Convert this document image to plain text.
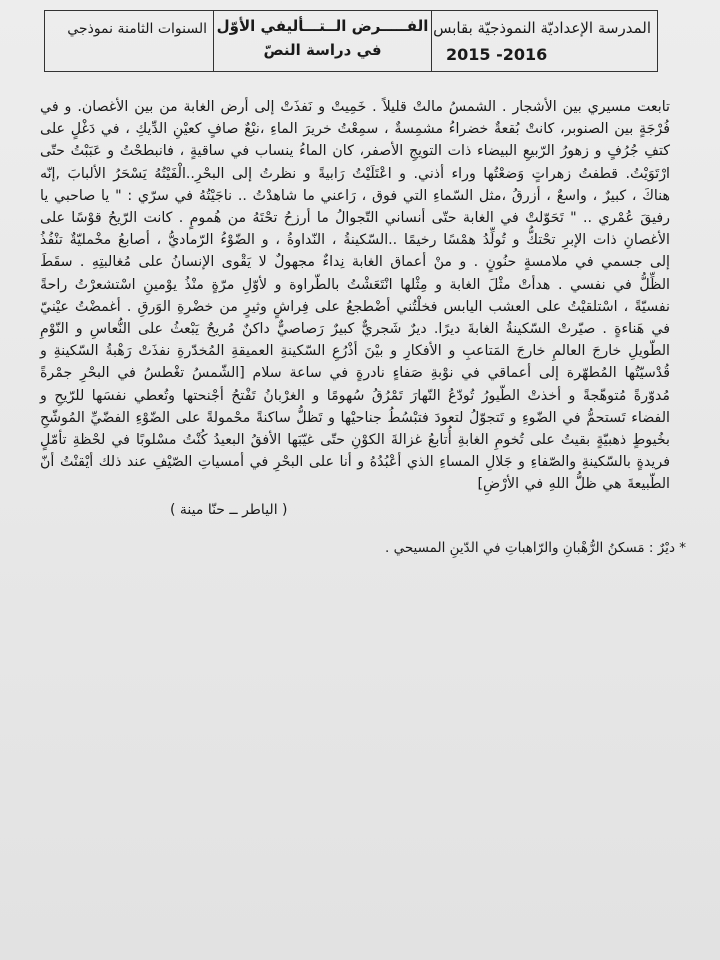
المدرسة الإعداديّة النموذجيّة بقابس
2015 -2016
الفـــــرض الــتـــأليفي الأوّل
في دراسة النصّ
السنوات الثامنة نموذجي
تابعت مسيري بين الأشجار . الشمسُ مالتْ قليلاً . خَمِيتْ و نَفذَتْ إلى أرض الغابة من بين الأغصان. و في فُرْجَةٍ بين الصنوبر، كانتْ بُقعةٌ خضراءُ مشمِسةٌ ، سمِعْتُ خريرَ الماءِ ،نبْعٌ صافٍ كعيْنِ الدِّيكِ ، في دَغْلٍ على كتفِ جُرُفٍ و زهورُ الرّبيعِ البيضاء ذات التويجِ الأصفر، كان الماءُ ينساب في ساقيةٍ ، فانبطحْتُ و عَبَبْتُ حتّى ارْتَوَيْتُ. قطفتُ زهراتٍ وَضعْتُها وراء أذني. و اعْتَلَيْتُ رَابيةً و نظرتُ إلى البحْرِ..الْفَيْتُهُ يَسْحَرُ الألبابَ ,إنّه هناكَ ، كبيرٌ ، واسعٌ ، أزرقُ ،مثل السّماءِ التي فوق ، رَاعني ما شاهدْتُ .. ناجَيْتُهُ في سرّي : " يا صاحبي يا رفيقَ عُمْري .. " تَحَوّلتْ في الغابة حتّى أنساني التّجوالُ ما أرزحُ تحْتَهُ من هُمومٍ . كانت الرّيحُ قوْسًا على الأغصانِ ذات الإبرِ تحْتكُّ و تُولِّدُ همْسًا رخيمًا ..السّكينةُ ، النّداوةُ ، و الضّوْءُ الرّماديُّ ، أصابعُ مخْمليّةٌ تنْفُذُ إلى جسمي في ملامسةٍ حنُونٍ . و منْ أعماق الغابة نِداءٌ مجهولٌ لا يَقْوى الإنسانُ على مُغالبتِهِ . سقَطَ الظِّلُّ في نفسي . هدأتْ مثْلَ الغابة و مِثْلها انْتَعَشْتُ بالطّراوة و لأوّلِ مرّةٍ منْذُ يوْمينِ اسْتشعرْتُ راحةً نفسيّةً ، اسْتلقيْتُ على العشب اليابس فخلْتُني أضْطجعُ على فِراشٍ وثيرٍ من خضْرةِ الوَرقِ . أغمضْتُ عيْنيّ في هَناءةٍ . صيّرتْ السّكينةُ الغابةَ ديرًا. ديرٌ شَجريٌّ كبيرٌ رَصاصيٌّ داكنٌ مُريحٌ يَبْعثُ على النُّعاسِ و النّوْمِ الطّويلِ خارجَ العالمِ خارجَ المَتاعبِ و الأفكارِ و بيْنَ أذْرُعِ السّكينةِ العميقةِ المُخدّرةِ نفذَتْ رَهْبةُ السّكينةِ و قُدْسيّتُها المُطهّرة إلى أعماقي في نوْبةِ صَفاءٍ نادرةٍ في ساعة سلام [الشّمسُ تغْطسُ في البحْرِ جمْرةً مُدوّرةً مُتوهّجةً و أخذتْ الطّيورُ تُودّعُ النّهارَ تَمْرُقُ سُهومًا و الغرْبانُ تَفْتحُ أجْنحتها وتُعطي نفسَها للرّيحِ و الفضاء تَستحمُّ في الضّوءِ و تَتجوّلُ لتعودَ فتبْسُطُ جناحيْها و تَظلُّ ساكنةً محْمولةً على الضّوْءِ الفضّيِّ المُوشّحِ بخُيوطٍ ذهبيّةٍ بقيتُ على تُخومِ الغابةِ أُتابعُ غزالةَ الكوْنِ حتّى غيّبَها الأفقُ البعيدُ كُنْتُ مسْلوبًا في لحْظةِ تأمّلٍ فريدةٍ بالسّكينةِ والصّفاءِ و جَلالِ المساءِ الذي أعْبُدُهُ و أنا على البحْرِ في أمسياتِ الصّيْفِ عند ذلك أيْقنْتُ أنّ الطّبيعةَ هي ظلُّ اللهِ في الأرْضِ]
( الياطر ــ حنّا مينة )
* ديْرٌ : مَسكنُ الرُّهْبانِ والرّاهباتِ في الدّينِ المسيحي .
